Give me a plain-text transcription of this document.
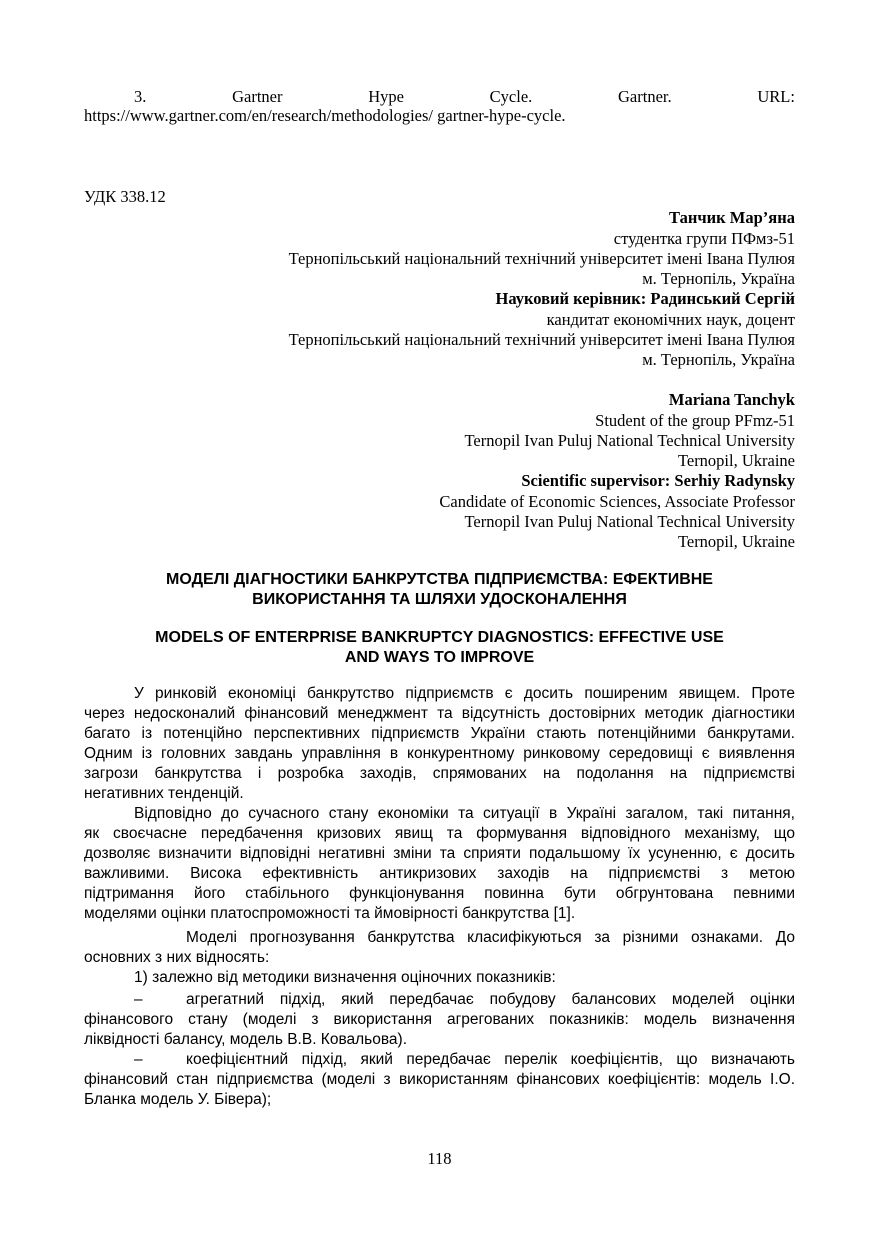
3.	Gartner	Hype	Cycle.	Gartner.	URL:
https://www.gartner.com/en/research/methodologies/ gartner-hype-cycle.
УДК 338.12
Танчик Мар’яна
студентка групи ПФмз-51
Тернопільський національний технічний університет імені Івана Пулюя
м. Тернопіль, Україна
Науковий керівник: Радинський Сергій
кандитат економічних наук, доцент
Тернопільський національний технічний університет імені Івана Пулюя
м. Тернопіль, Україна
Mariana Tanchyk
Student of the group PFmz-51
Ternopil Ivan Puluj National Technical University
Ternopil, Ukraine
Scientific supervisor: Serhiy Radynsky
Candidate of Economic Sciences, Associate Professor
Ternopil Ivan Puluj National Technical University
Ternopil, Ukraine
МОДЕЛІ ДІАГНОСТИКИ БАНКРУТСТВА ПІДПРИЄМСТВА: ЕФЕКТИВНЕ
ВИКОРИСТАННЯ ТА ШЛЯХИ УДОСКОНАЛЕННЯ
MODELS OF ENTERPRISE BANKRUPTCY DIAGNOSTICS: EFFECTIVE USE
AND WAYS TO IMPROVE
У ринковій економіці банкрутство підприємств є досить поширеним явищем. Проте
через недосконалий фінансовий менеджмент та відсутність достовірних методик діагностики
багато із потенційно перспективних підприємств України стають потенційними банкрутами.
Одним із головних завдань управління в конкурентному ринковому середовищі є виявлення
загрози банкрутства і розробка заходів, спрямованих на подолання на підприємстві
негативних тенденцій.
Відповідно до сучасного стану економіки та ситуації в Україні загалом, такі питання,
як своєчасне передбачення кризових явищ та формування відповідного механізму, що
дозволяє визначити відповідні негативні зміни та сприяти подальшому їх усуненню, є досить
важливими. Висока ефективність антикризових заходів на підприємстві з метою
підтримання його стабільного функціонування повинна бути обгрунтована певними
моделями оцінки платоспроможності та ймовірності банкрутства [1].
Моделі прогнозування банкрутства класифікуються за різними ознаками. До
основних з них відносять:
1) залежно від методики визначення оціночних показників:
–	агрегатний підхід, який передбачає побудову балансових моделей оцінки
фінансового стану (моделі з використання агрегованих показників: модель визначення
ліквідності балансу, модель В.В. Ковальова).
–	коефіцієнтний підхід, який передбачає перелік коефіцієнтів, що визначають
фінансовий стан підприємства (моделі з використанням фінансових коефіцієнтів: модель І.О.
Бланка модель У. Бівера);
118
